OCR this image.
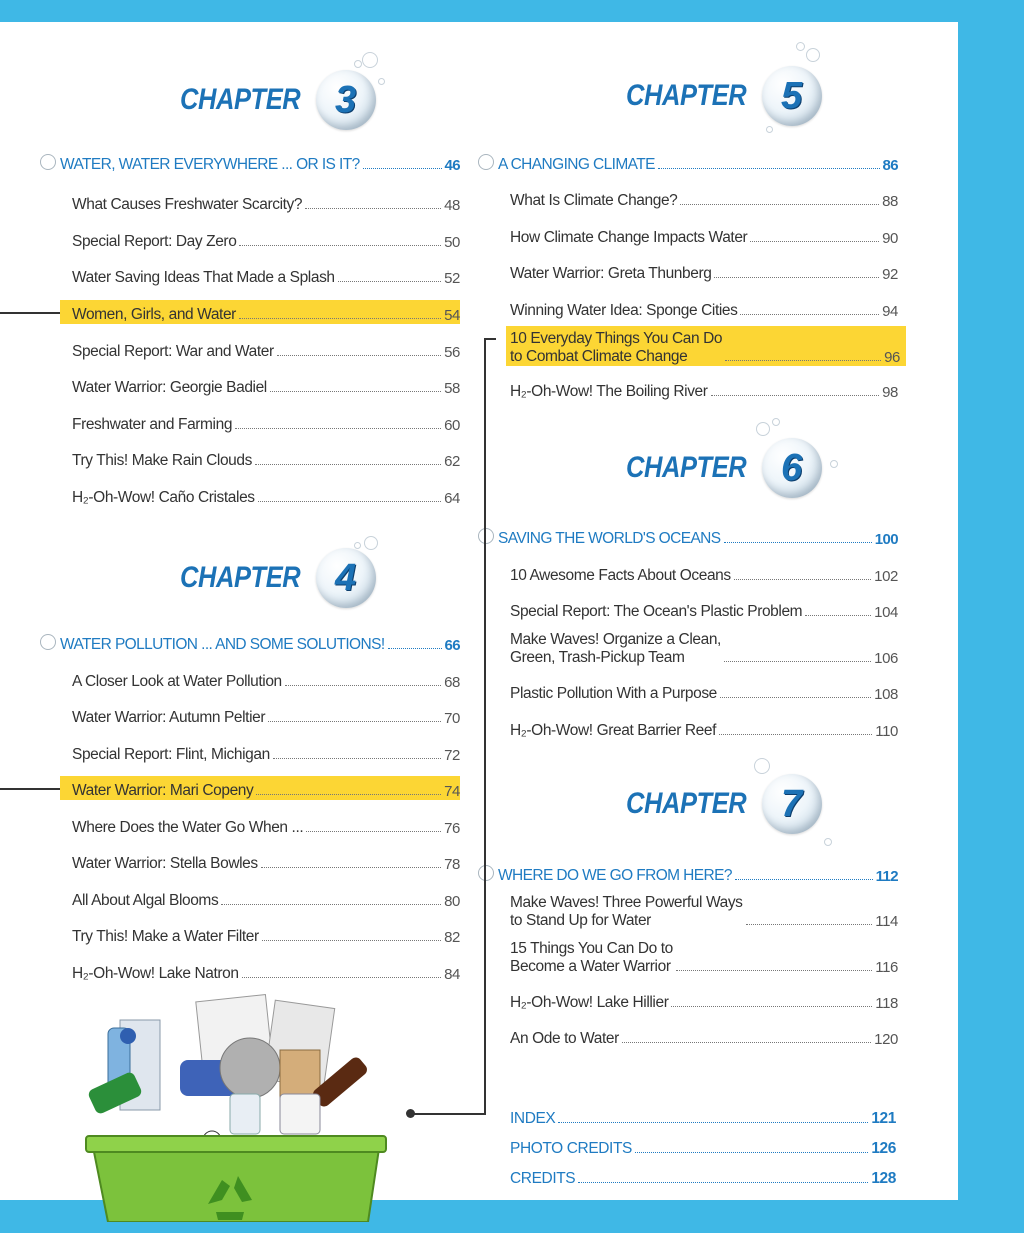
CHAPTER 3
WATER, WATER EVERYWHERE ... OR IS IT?	46
What Causes Freshwater Scarcity?	48
Special Report: Day Zero	50
Water Saving Ideas That Made a Splash	52
Women, Girls, and Water	54
Special Report: War and Water	56
Water Warrior: Georgie Badiel	58
Freshwater and Farming	60
Try This! Make Rain Clouds	62
H₂-Oh-Wow! Caño Cristales	64
CHAPTER 4
WATER POLLUTION ... AND SOME SOLUTIONS!	66
A Closer Look at Water Pollution	68
Water Warrior: Autumn Peltier	70
Special Report: Flint, Michigan	72
Water Warrior: Mari Copeny	74
Where Does the Water Go When ...	76
Water Warrior: Stella Bowles	78
All About Algal Blooms	80
Try This! Make a Water Filter	82
H₂-Oh-Wow! Lake Natron	84
CHAPTER 5
A CHANGING CLIMATE	86
What Is Climate Change?	88
How Climate Change Impacts Water	90
Water Warrior: Greta Thunberg	92
Winning Water Idea: Sponge Cities	94
10 Everyday Things You Can Do
to Combat Climate Change	96
H₂-Oh-Wow! The Boiling River	98
CHAPTER 6
SAVING THE WORLD'S OCEANS	100
10 Awesome Facts About Oceans	102
Special Report: The Ocean's Plastic Problem	104
Make Waves! Organize a Clean,
Green, Trash-Pickup Team	106
Plastic Pollution With a Purpose	108
H₂-Oh-Wow! Great Barrier Reef	110
CHAPTER 7
WHERE DO WE GO FROM HERE?	112
Make Waves! Three Powerful Ways
to Stand Up for Water	114
15 Things You Can Do to
Become a Water Warrior	116
H₂-Oh-Wow! Lake Hillier	118
An Ode to Water	120
INDEX	121
PHOTO CREDITS	126
CREDITS	128
